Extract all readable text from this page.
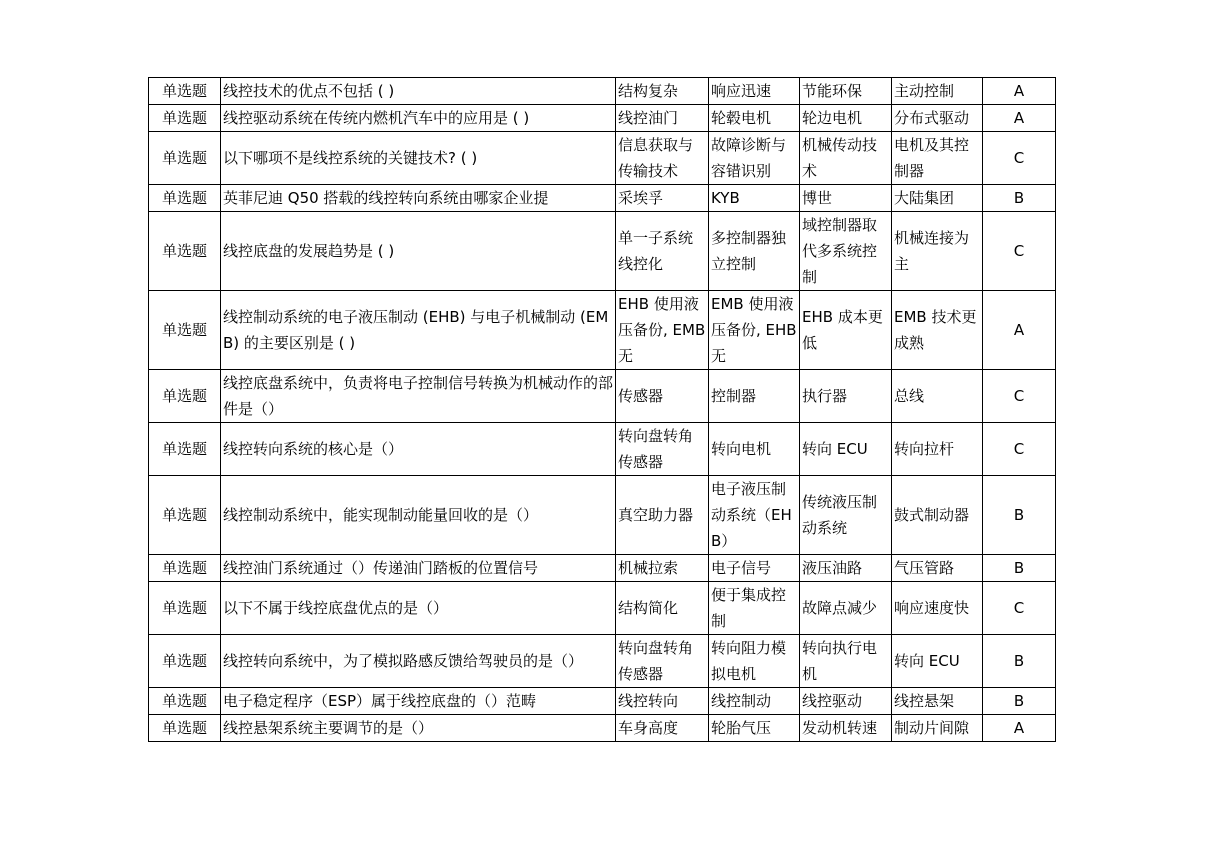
单选题	线控技术的优点不包括 ( )	结构复杂	响应迅速	节能环保	主动控制	A
单选题	线控驱动系统在传统内燃机汽车中的应用是 ( )	线控油门	轮毂电机	轮边电机	分布式驱动	A
单选题	以下哪项不是线控系统的关键技术? ( )	信息获取与传输技术	故障诊断与容错识别	机械传动技术	电机及其控制器	C
单选题	英菲尼迪 Q50 搭载的线控转向系统由哪家企业提	采埃孚	KYB	博世	大陆集团	B
单选题	线控底盘的发展趋势是 ( )	单一子系统线控化	多控制器独立控制	域控制器取代多系统控制	机械连接为主	C
单选题	线控制动系统的电子液压制动 (EHB) 与电子机械制动 (EMB) 的主要区别是 ( )	EHB 使用液压备份, EMB 无	EMB 使用液压备份, EHB 无	EHB 成本更低	EMB 技术更成熟	A
单选题	线控底盘系统中，负责将电子控制信号转换为机械动作的部件是（）	传感器	控制器	执行器	总线	C
单选题	线控转向系统的核心是（）	转向盘转角传感器	转向电机	转向 ECU	转向拉杆	C
单选题	线控制动系统中，能实现制动能量回收的是（）	真空助力器	电子液压制动系统（EHB）	传统液压制动系统	鼓式制动器	B
单选题	线控油门系统通过（）传递油门踏板的位置信号	机械拉索	电子信号	液压油路	气压管路	B
单选题	以下不属于线控底盘优点的是（）	结构简化	便于集成控制	故障点减少	响应速度快	C
单选题	线控转向系统中，为了模拟路感反馈给驾驶员的是（）	转向盘转角传感器	转向阻力模拟电机	转向执行电机	转向 ECU	B
单选题	电子稳定程序（ESP）属于线控底盘的（）范畴	线控转向	线控制动	线控驱动	线控悬架	B
单选题	线控悬架系统主要调节的是（）	车身高度	轮胎气压	发动机转速	制动片间隙	A
